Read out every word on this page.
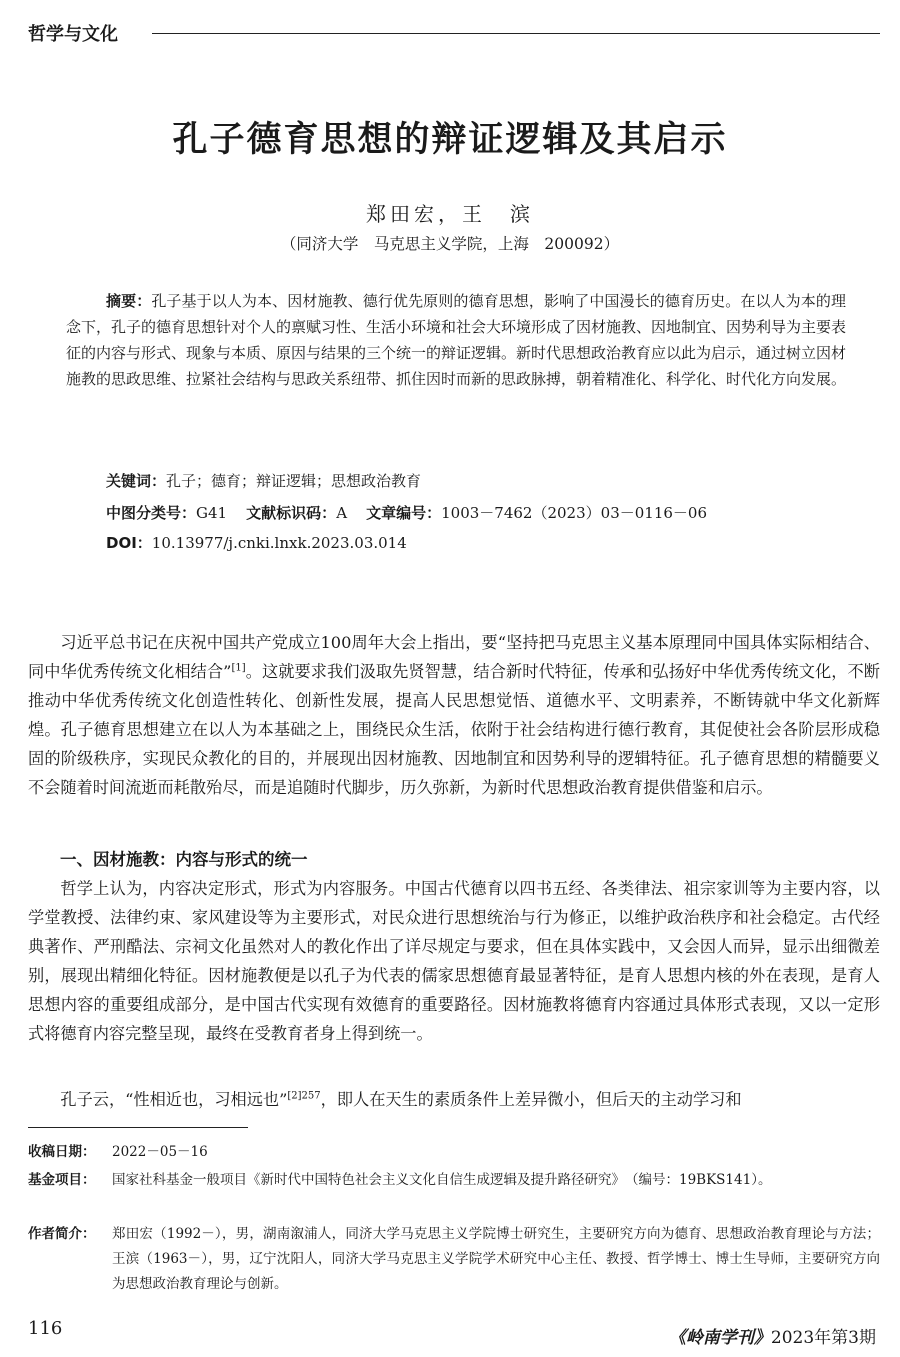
哲学与文化
孔子德育思想的辩证逻辑及其启示
郑田宏，王　滨
（同济大学　马克思主义学院，上海　200092）
摘要：孔子基于以人为本、因材施教、德行优先原则的德育思想，影响了中国漫长的德育历史。在以人为本的理念下，孔子的德育思想针对个人的禀赋习性、生活小环境和社会大环境形成了因材施教、因地制宜、因势利导为主要表征的内容与形式、现象与本质、原因与结果的三个统一的辩证逻辑。新时代思想政治教育应以此为启示，通过树立因材施教的思政思维、拉紧社会结构与思政关系纽带、抓住因时而新的思政脉搏，朝着精准化、科学化、时代化方向发展。
关键词：孔子；德育；辩证逻辑；思想政治教育
中图分类号：G41 文献标识码：A 文章编号：1003－7462（2023）03－0116－06
DOI：10.13977/j.cnki.lnxk.2023.03.014

习近平总书记在庆祝中国共产党成立100周年大会上指出，要“坚持把马克思主义基本原理同中国具体实际相结合、同中华优秀传统文化相结合”[1]。这就要求我们汲取先贤智慧，结合新时代特征，传承和弘扬好中华优秀传统文化，不断推动中华优秀传统文化创造性转化、创新性发展，提高人民思想觉悟、道德水平、文明素养，不断铸就中华文化新辉煌。孔子德育思想建立在以人为本基础之上，围绕民众生活，依附于社会结构进行德行教育，其促使社会各阶层形成稳固的阶级秩序，实现民众教化的目的，并展现出因材施教、因地制宜和因势利导的逻辑特征。孔子德育思想的精髓要义不会随着时间流逝而耗散殆尽，而是追随时代脚步，历久弥新，为新时代思想政治教育提供借鉴和启示。

一、因材施教：内容与形式的统一

哲学上认为，内容决定形式，形式为内容服务。中国古代德育以四书五经、各类律法、祖宗家训等为主要内容，以学堂教授、法律约束、家风建设等为主要形式，对民众进行思想统治与行为修正，以维护政治秩序和社会稳定。古代经典著作、严刑酷法、宗祠文化虽然对人的教化作出了详尽规定与要求，但在具体实践中，又会因人而异，显示出细微差别，展现出精细化特征。因材施教便是以孔子为代表的儒家思想德育最显著特征，是育人思想内核的外在表现，是育人思想内容的重要组成部分，是中国古代实现有效德育的重要路径。因材施教将德育内容通过具体形式表现，又以一定形式将德育内容完整呈现，最终在受教育者身上得到统一。

孔子云，“性相近也，习相远也”$^{[2]257}$，即人在天生的素质条件上差异微小，但后天的主动学习和

收稿日期： 2022－05－16
基金项目： 国家社科基金一般项目《新时代中国特色社会主义文化自信生成逻辑及提升路径研究》　（编号：19BKS141）。
作者简介： 郑田宏（1992－），男，湖南溆浦人，同济大学马克思主义学院博士研究生，主要研究方向为德育、思想政治教育理论与方法；王滨（1963－），男，辽宁沈阳人，同济大学马克思主义学院学术研究中心主任、教授、哲学博士、博士生导师，主要研究方向为思想政治教育理论与创新。
116	《岭南学刊》2023年第3期
